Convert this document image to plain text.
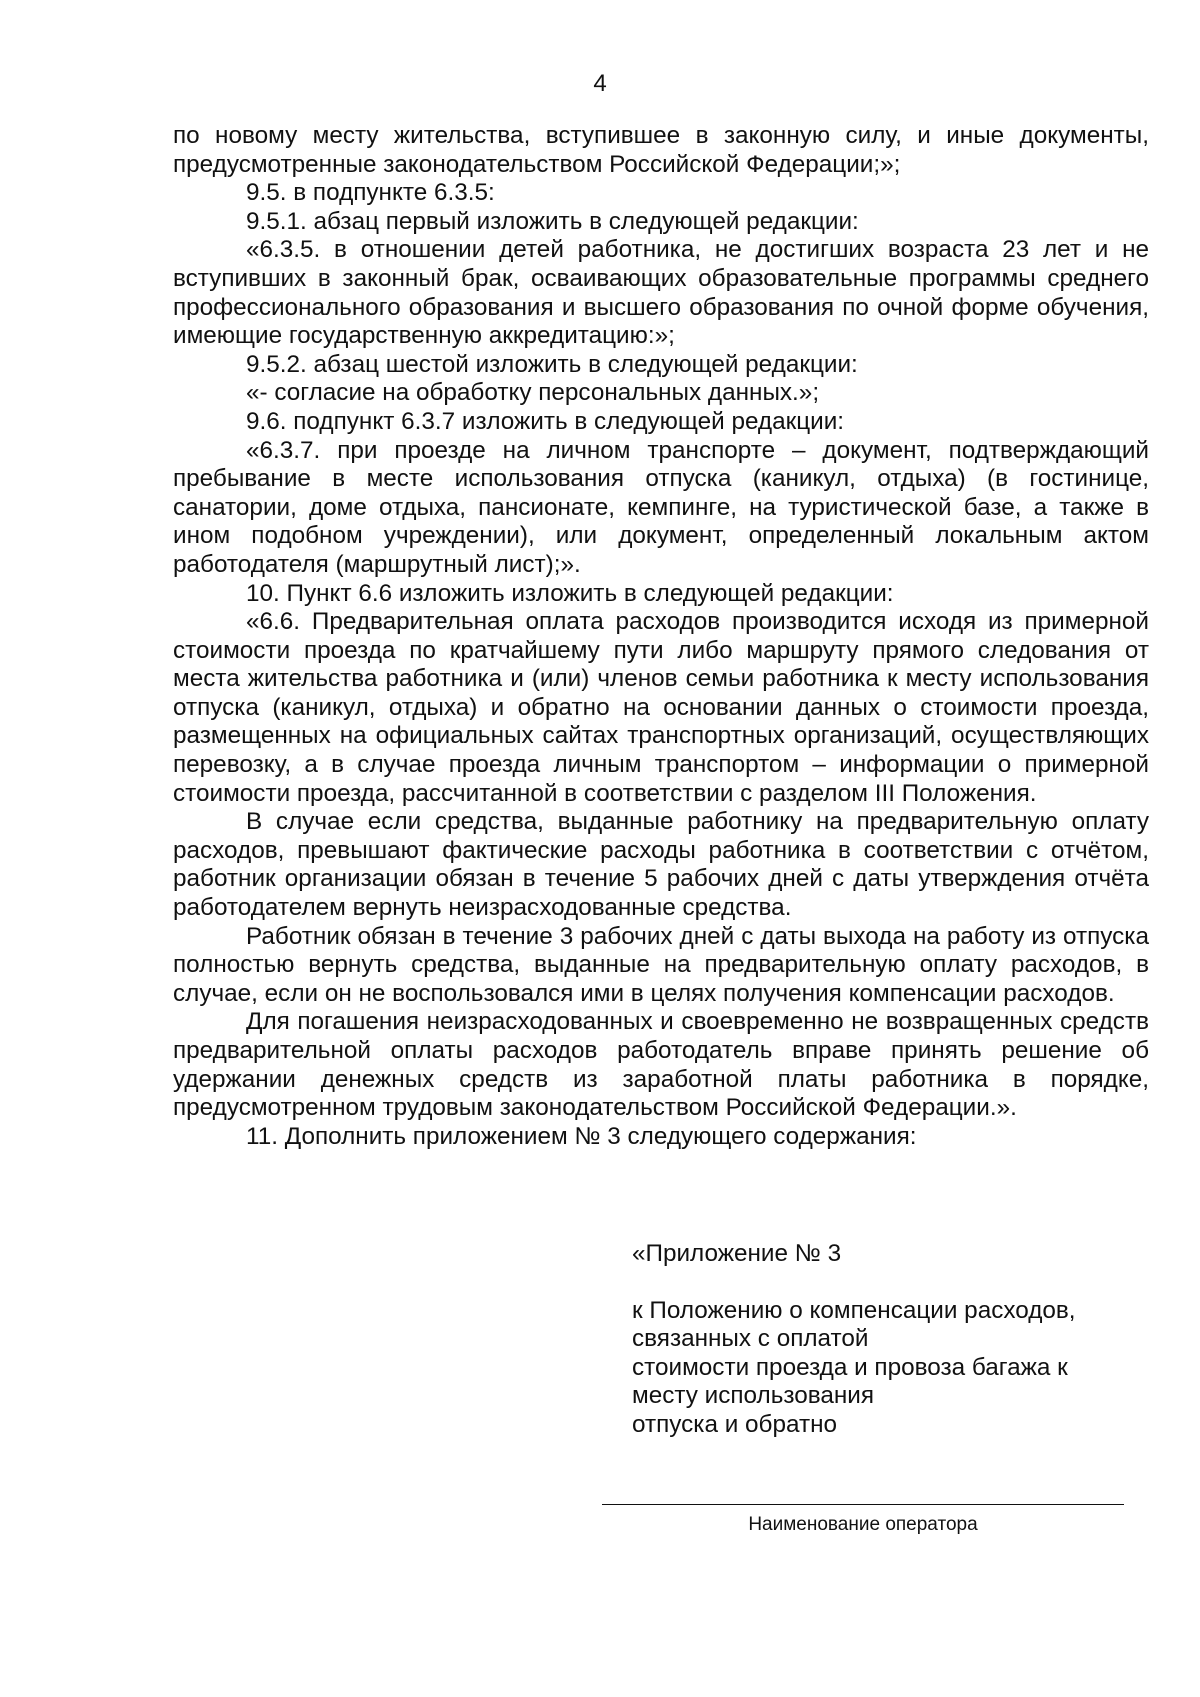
4

по новому месту жительства, вступившее в законную силу, и иные документы, предусмотренные законодательством Российской Федерации;»;

9.5. в подпункте 6.3.5:

9.5.1. абзац первый изложить в следующей редакции:

«6.3.5. в отношении детей работника, не достигших возраста 23 лет и не вступивших в законный брак, осваивающих образовательные программы среднего профессионального образования и высшего образования по очной форме обучения, имеющие государственную аккредитацию:»;

9.5.2. абзац шестой изложить в следующей редакции:

«- согласие на обработку персональных данных.»;

9.6. подпункт 6.3.7 изложить в следующей редакции:

«6.3.7. при проезде на личном транспорте – документ, подтверждающий пребывание в месте использования отпуска (каникул, отдыха) (в гостинице, санатории, доме отдыха, пансионате, кемпинге, на туристической базе, а также в ином подобном учреждении), или документ, определенный локальным актом работодателя (маршрутный лист);».

10. Пункт 6.6 изложить изложить в следующей редакции:

«6.6. Предварительная оплата расходов производится исходя из примерной стоимости проезда по кратчайшему пути либо маршруту прямого следования от места жительства работника и (или) членов семьи работника к месту использования отпуска (каникул, отдыха) и обратно на основании данных о стоимости проезда, размещенных на официальных сайтах транспортных организаций, осуществляющих перевозку, а в случае проезда личным транспортом – информации о примерной стоимости проезда, рассчитанной в соответствии с разделом III Положения.

В случае если средства, выданные работнику на предварительную оплату расходов, превышают фактические расходы работника в соответствии с отчётом, работник организации обязан в течение 5 рабочих дней с даты утверждения отчёта работодателем вернуть неизрасходованные средства.

Работник обязан в течение 3 рабочих дней с даты выхода на работу из отпуска полностью вернуть средства, выданные на предварительную оплату расходов, в случае, если он не воспользовался ими в целях получения компенсации расходов.

Для погашения неизрасходованных и своевременно не возвращенных средств предварительной оплаты расходов работодатель вправе принять решение об удержании денежных средств из заработной платы работника в порядке, предусмотренном трудовым законодательством Российской Федерации.».

11. Дополнить приложением № 3 следующего содержания:

«Приложение № 3

к Положению о компенсации расходов,

связанных с оплатой

стоимости проезда и провоза багажа к

месту использования

отпуска и обратно

Наименование оператора
